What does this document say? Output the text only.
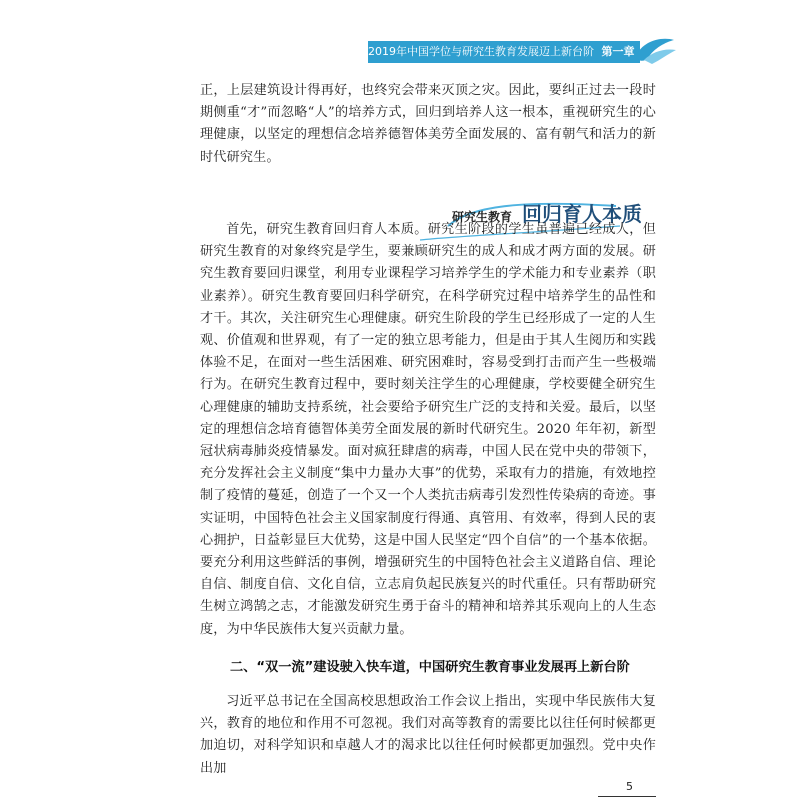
2019年中国学位与研究生教育发展迈上新台阶 第一章

正，上层建筑设计得再好，也终究会带来灭顶之灾。因此，要纠正过去一段时期侧重“才”而忽略“人”的培养方式，回归到培养人这一根本，重视研究生的心理健康，以坚定的理想信念培养德智体美劳全面发展的、富有朝气和活力的新时代研究生。

研究生教育 回归育人本质

首先，研究生教育回归育人本质。研究生阶段的学生虽普遍已经成人，但研究生教育的对象终究是学生，要兼顾研究生的成人和成才两方面的发展。研究生教育要回归课堂，利用专业课程学习培养学生的学术能力和专业素养（职业素养）。研究生教育要回归科学研究，在科学研究过程中培养学生的品性和才干。其次，关注研究生心理健康。研究生阶段的学生已经形成了一定的人生观、价值观和世界观，有了一定的独立思考能力，但是由于其人生阅历和实践体验不足，在面对一些生活困难、研究困难时，容易受到打击而产生一些极端行为。在研究生教育过程中，要时刻关注学生的心理健康，学校要健全研究生心理健康的辅助支持系统，社会要给予研究生广泛的支持和关爱。最后，以坚定的理想信念培育德智体美劳全面发展的新时代研究生。2020 年年初，新型冠状病毒肺炎疫情暴发。面对疯狂肆虐的病毒，中国人民在党中央的带领下，充分发挥社会主义制度“集中力量办大事”的优势，采取有力的措施，有效地控制了疫情的蔓延，创造了一个又一个人类抗击病毒引发烈性传染病的奇迹。事实证明，中国特色社会主义国家制度行得通、真管用、有效率，得到人民的衷心拥护，日益彰显巨大优势，这是中国人民坚定“四个自信”的一个基本依据。要充分利用这些鲜活的事例，增强研究生的中国特色社会主义道路自信、理论自信、制度自信、文化自信，立志肩负起民族复兴的时代重任。只有帮助研究生树立鸿鹄之志，才能激发研究生勇于奋斗的精神和培养其乐观向上的人生态度，为中华民族伟大复兴贡献力量。

二、“双一流”建设驶入快车道，中国研究生教育事业发展再上新台阶

习近平总书记在全国高校思想政治工作会议上指出，实现中华民族伟大复兴，教育的地位和作用不可忽视。我们对高等教育的需要比以往任何时候都更加迫切，对科学知识和卓越人才的渴求比以往任何时候都更加强烈。党中央作出加

5
